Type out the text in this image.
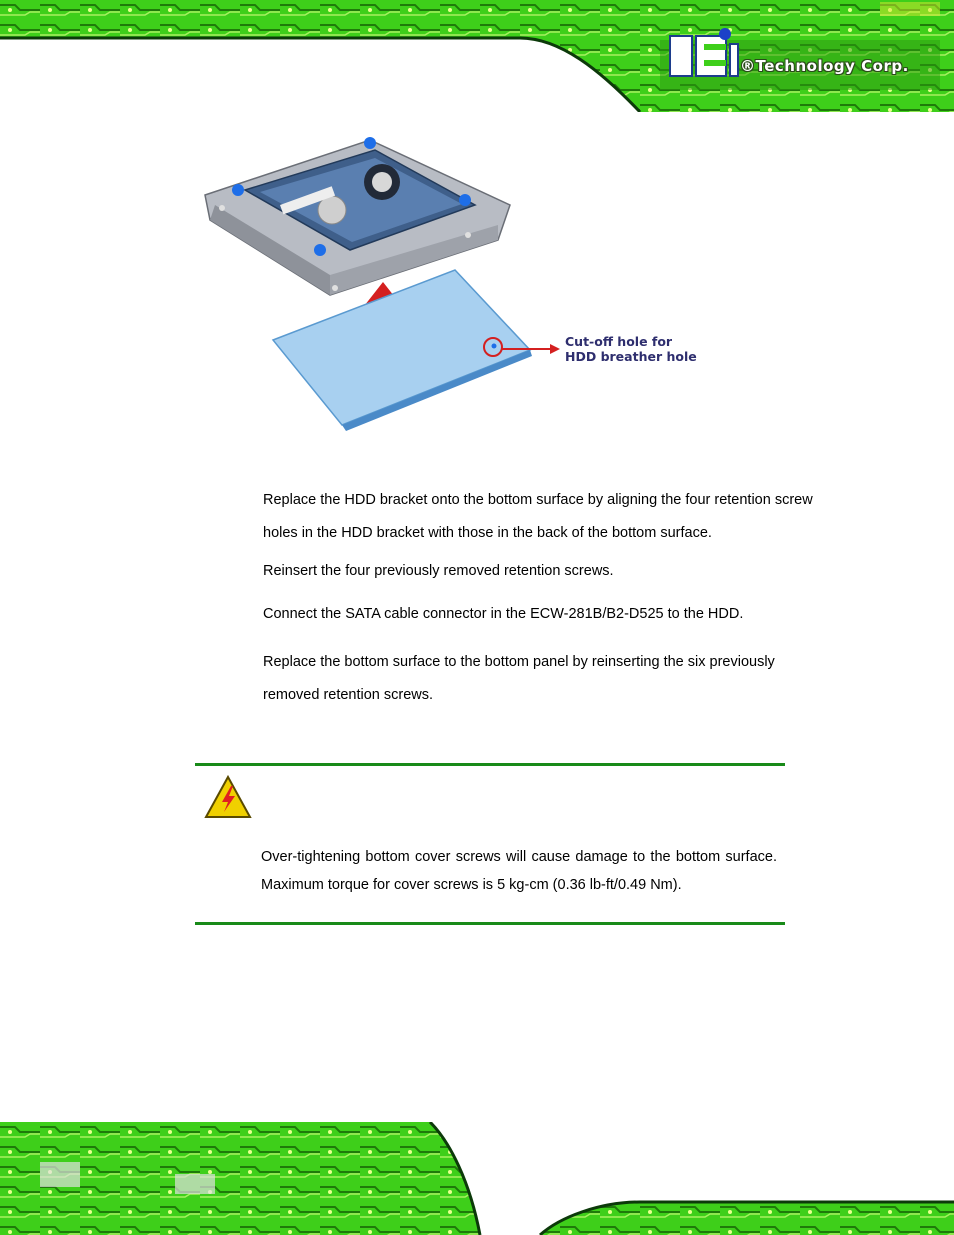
®Technology Corp.
Cut-off hole for
HDD breather hole
Replace the HDD bracket onto the bottom surface by aligning the four retention screw holes in the HDD bracket with those in the back of the bottom surface.
Reinsert the four previously removed retention screws.
Connect the SATA cable connector in the ECW-281B/B2-D525 to the HDD.
Replace the bottom surface to the bottom panel by reinserting the six previously removed retention screws.
Over-tightening bottom cover screws will cause damage to the bottom surface. Maximum torque for cover screws is 5 kg-cm (0.36 lb-ft/0.49 Nm).
